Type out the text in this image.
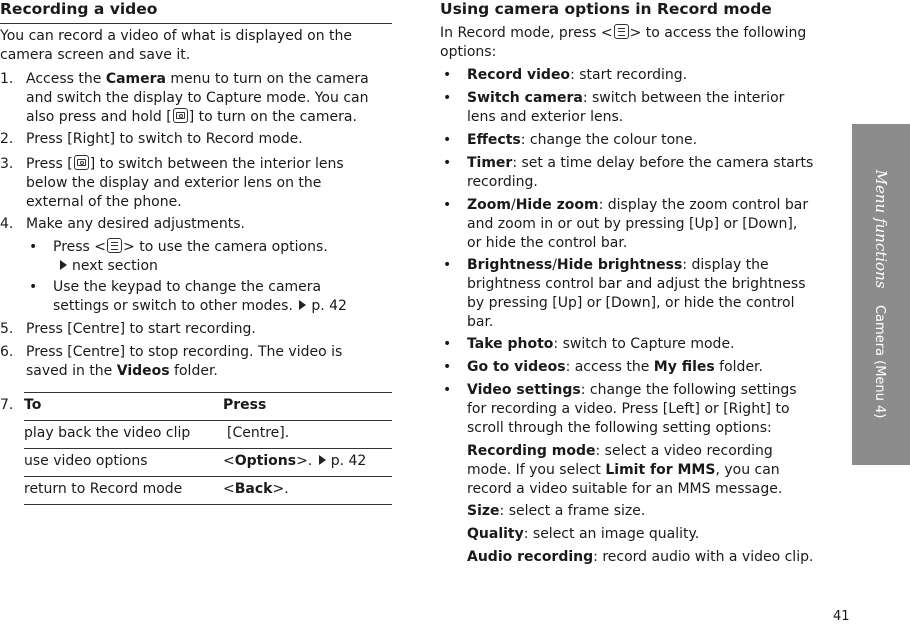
Recording a video
You can record a video of what is displayed on the
camera screen and save it.
1. Access the Camera menu to turn on the camera
and switch the display to Capture mode. You can
also press and hold [ ] to turn on the camera.
2. Press [Right] to switch to Record mode.
3. Press [ ] to switch between the interior lens
below the display and exterior lens on the
external of the phone.
4. Make any desired adjustments.
• Press < > to use the camera options.
next section
• Use the keypad to change the camera
settings or switch to other modes. p. 42
5. Press [Centre] to start recording.
6. Press [Centre] to stop recording. The video is
saved in the Videos folder.
7. To	Press
play back the video clip	[Centre].
use video options	<Options>. p. 42
return to Record mode	<Back>.
Using camera options in Record mode
In Record mode, press < > to access the following
options:
• Record video: start recording.
• Switch camera: switch between the interior
lens and exterior lens.
• Effects: change the colour tone.
• Timer: set a time delay before the camera starts
recording.
• Zoom/Hide zoom: display the zoom control bar
and zoom in or out by pressing [Up] or [Down],
or hide the control bar.
• Brightness/Hide brightness: display the
brightness control bar and adjust the brightness
by pressing [Up] or [Down], or hide the control
bar.
• Take photo: switch to Capture mode.
• Go to videos: access the My files folder.
• Video settings: change the following settings
for recording a video. Press [Left] or [Right] to
scroll through the following setting options:
Recording mode: select a video recording
mode. If you select Limit for MMS, you can
record a video suitable for an MMS message.
Size: select a frame size.
Quality: select an image quality.
Audio recording: record audio with a video clip.
Menu functions    Camera (Menu 4)
41
